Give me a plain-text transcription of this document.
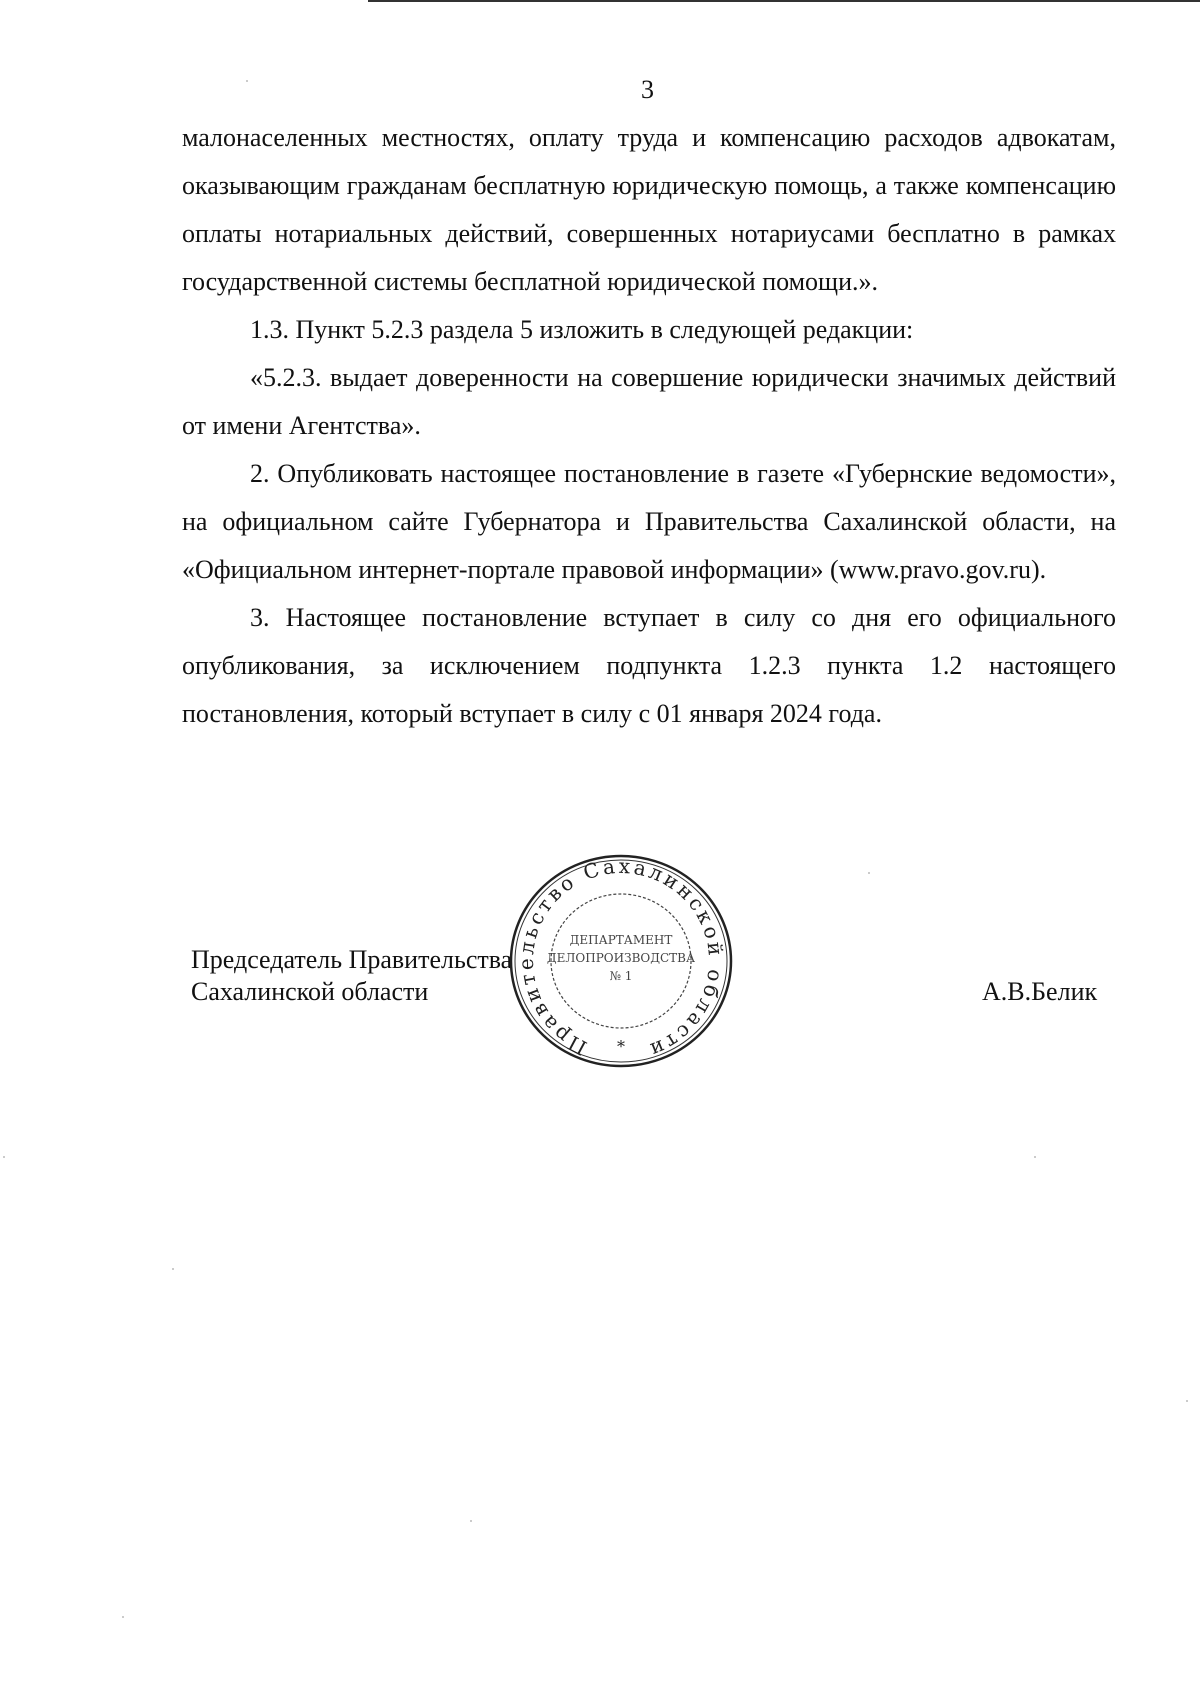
3

малонаселенных местностях, оплату труда и компенсацию расходов адвокатам, оказывающим гражданам бесплатную юридическую помощь, а также компенсацию оплаты нотариальных действий, совершенных нотариусами бесплатно в рамках государственной системы бесплатной юридической помощи.».

1.3. Пункт 5.2.3 раздела 5 изложить в следующей редакции:

«5.2.3. выдает доверенности на совершение юридически значимых действий от имени Агентства».

2. Опубликовать настоящее постановление в газете «Губернские ведомости», на официальном сайте Губернатора и Правительства Сахалинской области, на «Официальном интернет-портале правовой информации» (www.pravo.gov.ru).

3. Настоящее постановление вступает в силу со дня его официального опубликования, за исключением подпункта 1.2.3 пункта 1.2 настоящего постановления, который вступает в силу с 01 января 2024 года.

Председатель Правительства
Сахалинской области	А.В.Белик
Правительство Сахалинской области
ДЕПАРТАМЕНТ
ДЕЛОПРОИЗВОДСТВА
№ 1
*
